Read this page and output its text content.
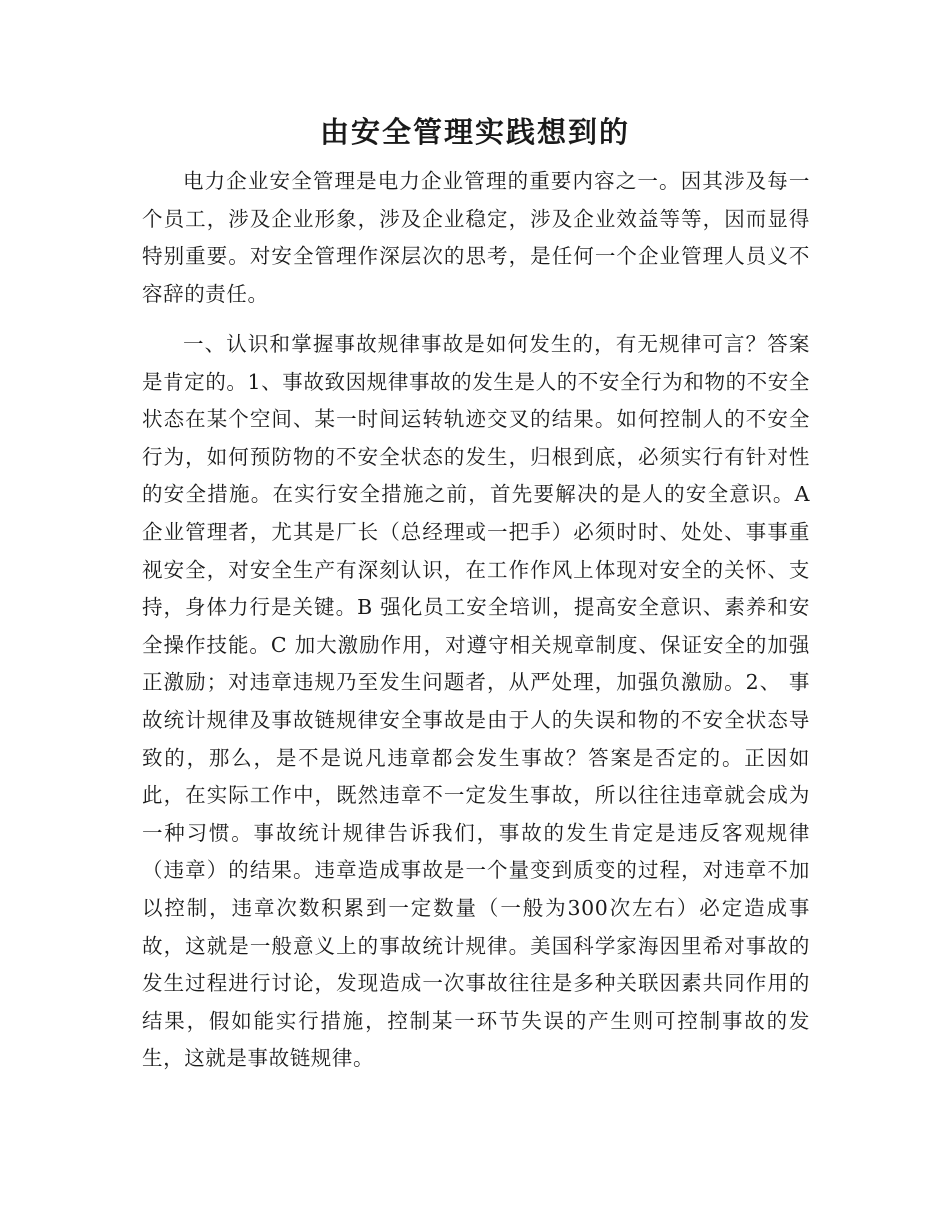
由安全管理实践想到的

电力企业安全管理是电力企业管理的重要内容之一。因其涉及每一个员工，涉及企业形象，涉及企业稳定，涉及企业效益等等，因而显得特别重要。对安全管理作深层次的思考，是任何一个企业管理人员义不容辞的责任。

一、认识和掌握事故规律事故是如何发生的，有无规律可言？答案是肯定的。1、事故致因规律事故的发生是人的不安全行为和物的不安全状态在某个空间、某一时间运转轨迹交叉的结果。如何控制人的不安全行为，如何预防物的不安全状态的发生，归根到底，必须实行有针对性的安全措施。在实行安全措施之前，首先要解决的是人的安全意识。A企业管理者，尤其是厂长（总经理或一把手）必须时时、处处、事事重视安全，对安全生产有深刻认识，在工作作风上体现对安全的关怀、支持，身体力行是关键。B 强化员工安全培训，提高安全意识、素养和安全操作技能。C 加大激励作用，对遵守相关规章制度、保证安全的加强正激励；对违章违规乃至发生问题者，从严处理，加强负激励。2、 事故统计规律及事故链规律安全事故是由于人的失误和物的不安全状态导致的，那么，是不是说凡违章都会发生事故？答案是否定的。正因如此，在实际工作中，既然违章不一定发生事故，所以往往违章就会成为一种习惯。事故统计规律告诉我们，事故的发生肯定是违反客观规律（违章）的结果。违章造成事故是一个量变到质变的过程，对违章不加以控制，违章次数积累到一定数量（一般为300次左右）必定造成事故，这就是一般意义上的事故统计规律。美国科学家海因里希对事故的发生过程进行讨论，发现造成一次事故往往是多种关联因素共同作用的结果，假如能实行措施，控制某一环节失误的产生则可控制事故的发生，这就是事故链规律。
